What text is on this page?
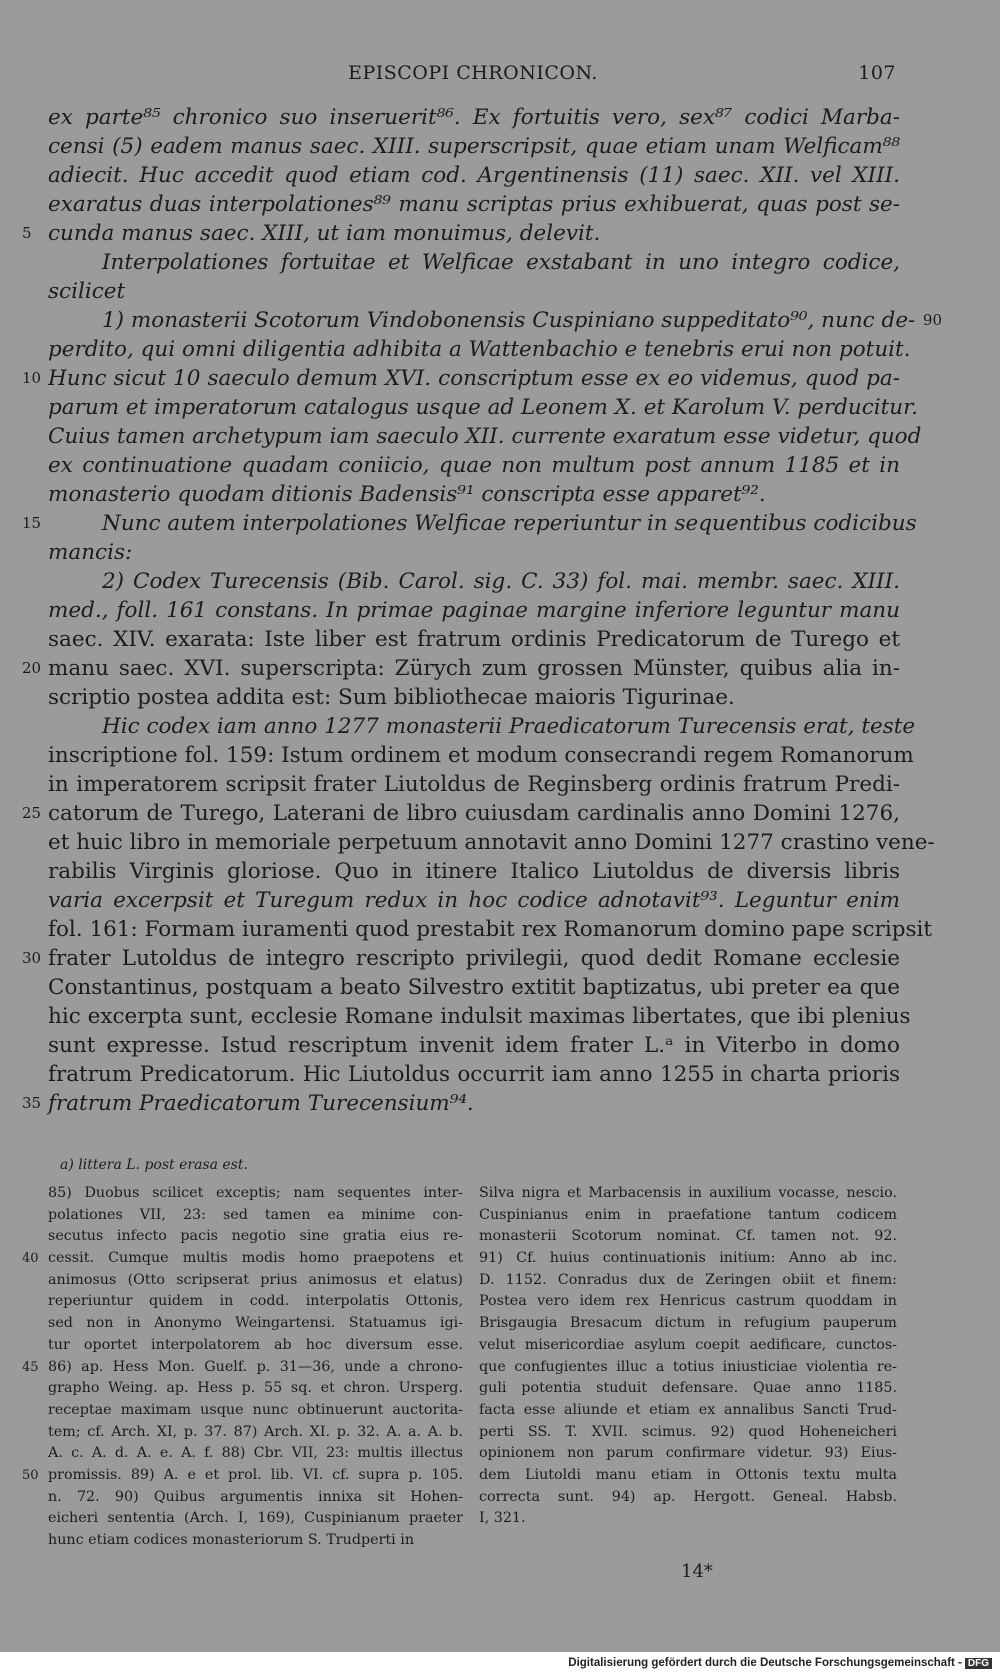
EPISCOPI CHRONICON.	107
ex parte⁸⁵ chronico suo inseruerit⁸⁶. Ex fortuitis vero, sex⁸⁷ codici Marba-
censi (5) eadem manus saec. XIII. superscripsit, quae etiam unam Welficam⁸⁸
adiecit. Huc accedit quod etiam cod. Argentinensis (11) saec. XII. vel XIII.
exaratus duas interpolationes⁸⁹ manu scriptas prius exhibuerat, quas post se-
5 cunda manus saec. XIII, ut iam monuimus, delevit.
Interpolationes fortuitae et Welficae exstabant in uno integro codice,
scilicet
90
1) monasterii Scotorum Vindobonensis Cuspiniano suppeditato⁹⁰, nunc de-
perdito, qui omni diligentia adhibita a Wattenbachio e tenebris erui non potuit.
10 Hunc sicut 10 saeculo demum XVI. conscriptum esse ex eo videmus, quod pa-
parum et imperatorum catalogus usque ad Leonem X. et Karolum V. perducitur.
Cuius tamen archetypum iam saeculo XII. currente exaratum esse videtur, quod
ex continuatione quadam coniicio, quae non multum post annum 1185 et in
monasterio quodam ditionis Badensis⁹¹ conscripta esse apparet⁹².
15	Nunc autem interpolationes Welficae reperiuntur in sequentibus codicibus
mancis:
2) Codex Turecensis (Bib. Carol. sig. C. 33) fol. mai. membr. saec. XIII.
med., foll. 161 constans. In primae paginae margine inferiore leguntur manu
saec. XIV. exarata: Iste liber est fratrum ordinis Predicatorum de Turego et
20 manu saec. XVI. superscripta: Zürych zum grossen Münster, quibus alia in-
scriptio postea addita est: Sum bibliothecae maioris Tigurinae.
Hic codex iam anno 1277 monasterii Praedicatorum Turecensis erat, teste
inscriptione fol. 159: Istum ordinem et modum consecrandi regem Romanorum
in imperatorem scripsit frater Liutoldus de Reginsberg ordinis fratrum Predi-
25 catorum de Turego, Laterani de libro cuiusdam cardinalis anno Domini 1276,
et huic libro in memoriale perpetuum annotavit anno Domini 1277 crastino vene-
rabilis Virginis gloriose. Quo in itinere Italico Liutoldus de diversis libris
varia excerpsit et Turegum redux in hoc codice adnotavit⁹³. Leguntur enim
fol. 161: Formam iuramenti quod prestabit rex Romanorum domino pape scripsit
30 frater Lutoldus de integro rescripto privilegii, quod dedit Romane ecclesie
Constantinus, postquam a beato Silvestro extitit baptizatus, ubi preter ea que
hic excerpta sunt, ecclesie Romane indulsit maximas libertates, que ibi plenius
sunt expresse. Istud rescriptum invenit idem frater L.ᵃ in Viterbo in domo
fratrum Predicatorum. Hic Liutoldus occurrit iam anno 1255 in charta prioris
35 fratrum Praedicatorum Turecensium⁹⁴.
a) littera L. post erasa est.
85) Duobus scilicet exceptis; nam sequentes inter-
polationes VII, 23: sed tamen ea minime con-
secutus infecto pacis negotio sine gratia eius re-
40 cessit. Cumque multis modis homo praepotens et
animosus (Otto scripserat prius animosus et elatus)
reperiuntur quidem in codd. interpolatis Ottonis,
sed non in Anonymo Weingartensi. Statuamus igi-
tur oportet interpolatorem ab hoc diversum esse.
45 86) ap. Hess Mon. Guelf. p. 31—36, unde a chrono-
grapho Weing. ap. Hess p. 55 sq. et chron. Ursperg.
receptae maximam usque nunc obtinuerunt auctorita-
tem; cf. Arch. XI, p. 37. 87) Arch. XI. p. 32. A. a. A. b.
A. c. A. d. A. e. A. f. 88) Cbr. VII, 23: multis illectus
50 promissis. 89) A. e et prol. lib. VI. cf. supra p. 105.
n. 72. 90) Quibus argumentis innixa sit Hohen-
eicheri sententia (Arch. I, 169), Cuspinianum praeter
hunc etiam codices monasteriorum S. Trudperti in
Silva nigra et Marbacensis in auxilium vocasse, nescio.
Cuspinianus enim in praefatione tantum codicem
monasterii Scotorum nominat. Cf. tamen not. 92.
91) Cf. huius continuationis initium: Anno ab inc.
D. 1152. Conradus dux de Zeringen obiit et finem:
Postea vero idem rex Henricus castrum quoddam in
Brisgaugia Bresacum dictum in refugium pauperum
velut misericordiae asylum coepit aedificare, cunctos-
que confugientes illuc a totius iniusticiae violentia re-
guli potentia studuit defensare. Quae anno 1185.
facta esse aliunde et etiam ex annalibus Sancti Trud-
perti SS. T. XVII. scimus. 92) quod Hoheneicheri
opinionem non parum confirmare videtur. 93) Eius-
dem Liutoldi manu etiam in Ottonis textu multa
correcta sunt. 94) ap. Hergott. Geneal. Habsb.
I, 321.
14*
Digitalisierung gefördert durch die Deutsche Forschungsgemeinschaft - DFG
